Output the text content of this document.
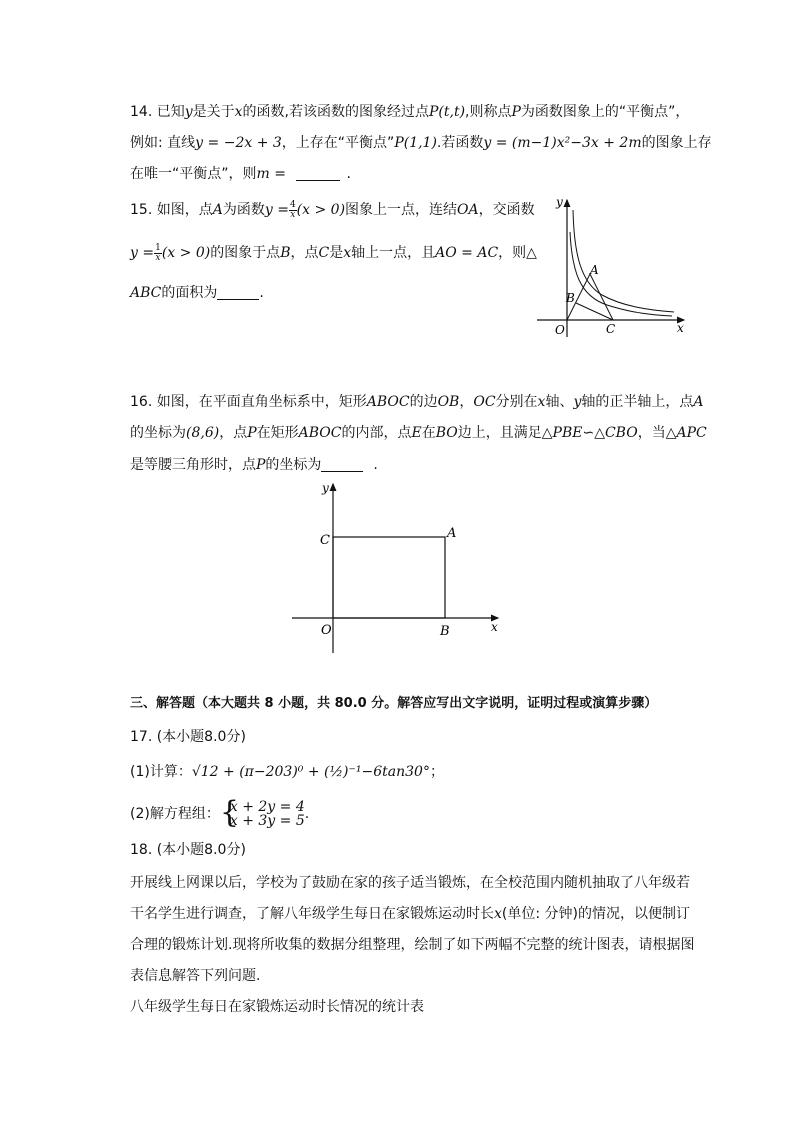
14. 已知y是关于x的函数,若该函数的图象经过点P(t,t),则称点P为函数图象上的“平衡点”，
例如: 直线y = −2x + 3，上存在“平衡点”P(1,1).若函数y = (m−1)x²−3x + 2m的图象上存
在唯一“平衡点”，则m =	.
15. 如图，点A为函数$y = \frac{4}{x} (x > 0)$图象上一点，连结OA，交函数
$y = \frac{1}{x} (x > 0)$的图象于点B，点C是x轴上一点，且AO = AC，则△
ABC的面积为	.
y
x
O
A
B
C
16. 如图，在平面直角坐标系中，矩形ABOC的边OB，OC分别在x轴、y轴的正半轴上，点A
的坐标为(8,6)，点P在矩形ABOC的内部，点E在BO边上，且满足△PBE∽△CBO，当△APC
是等腰三角形时，点P的坐标为	.
y
x
O
A
B
C
三、解答题（本大题共 8 小题，共 80.0 分。解答应写出文字说明，证明过程或演算步骤）
17. (本小题8.0分)
(1)计算：√12 + (π−203)⁰ + (½)⁻¹−6tan30°；
(2)解方程组： {
x + 2y = 4
x + 3y = 5 .
18. (本小题8.0分)
开展线上网课以后，学校为了鼓励在家的孩子适当锻炼，在全校范围内随机抽取了八年级若
干名学生进行调查，了解八年级学生每日在家锻炼运动时长x(单位: 分钟)的情况，以便制订
合理的锻炼计划.现将所收集的数据分组整理，绘制了如下两幅不完整的统计图表，请根据图
表信息解答下列问题.
八年级学生每日在家锻炼运动时长情况的统计表
